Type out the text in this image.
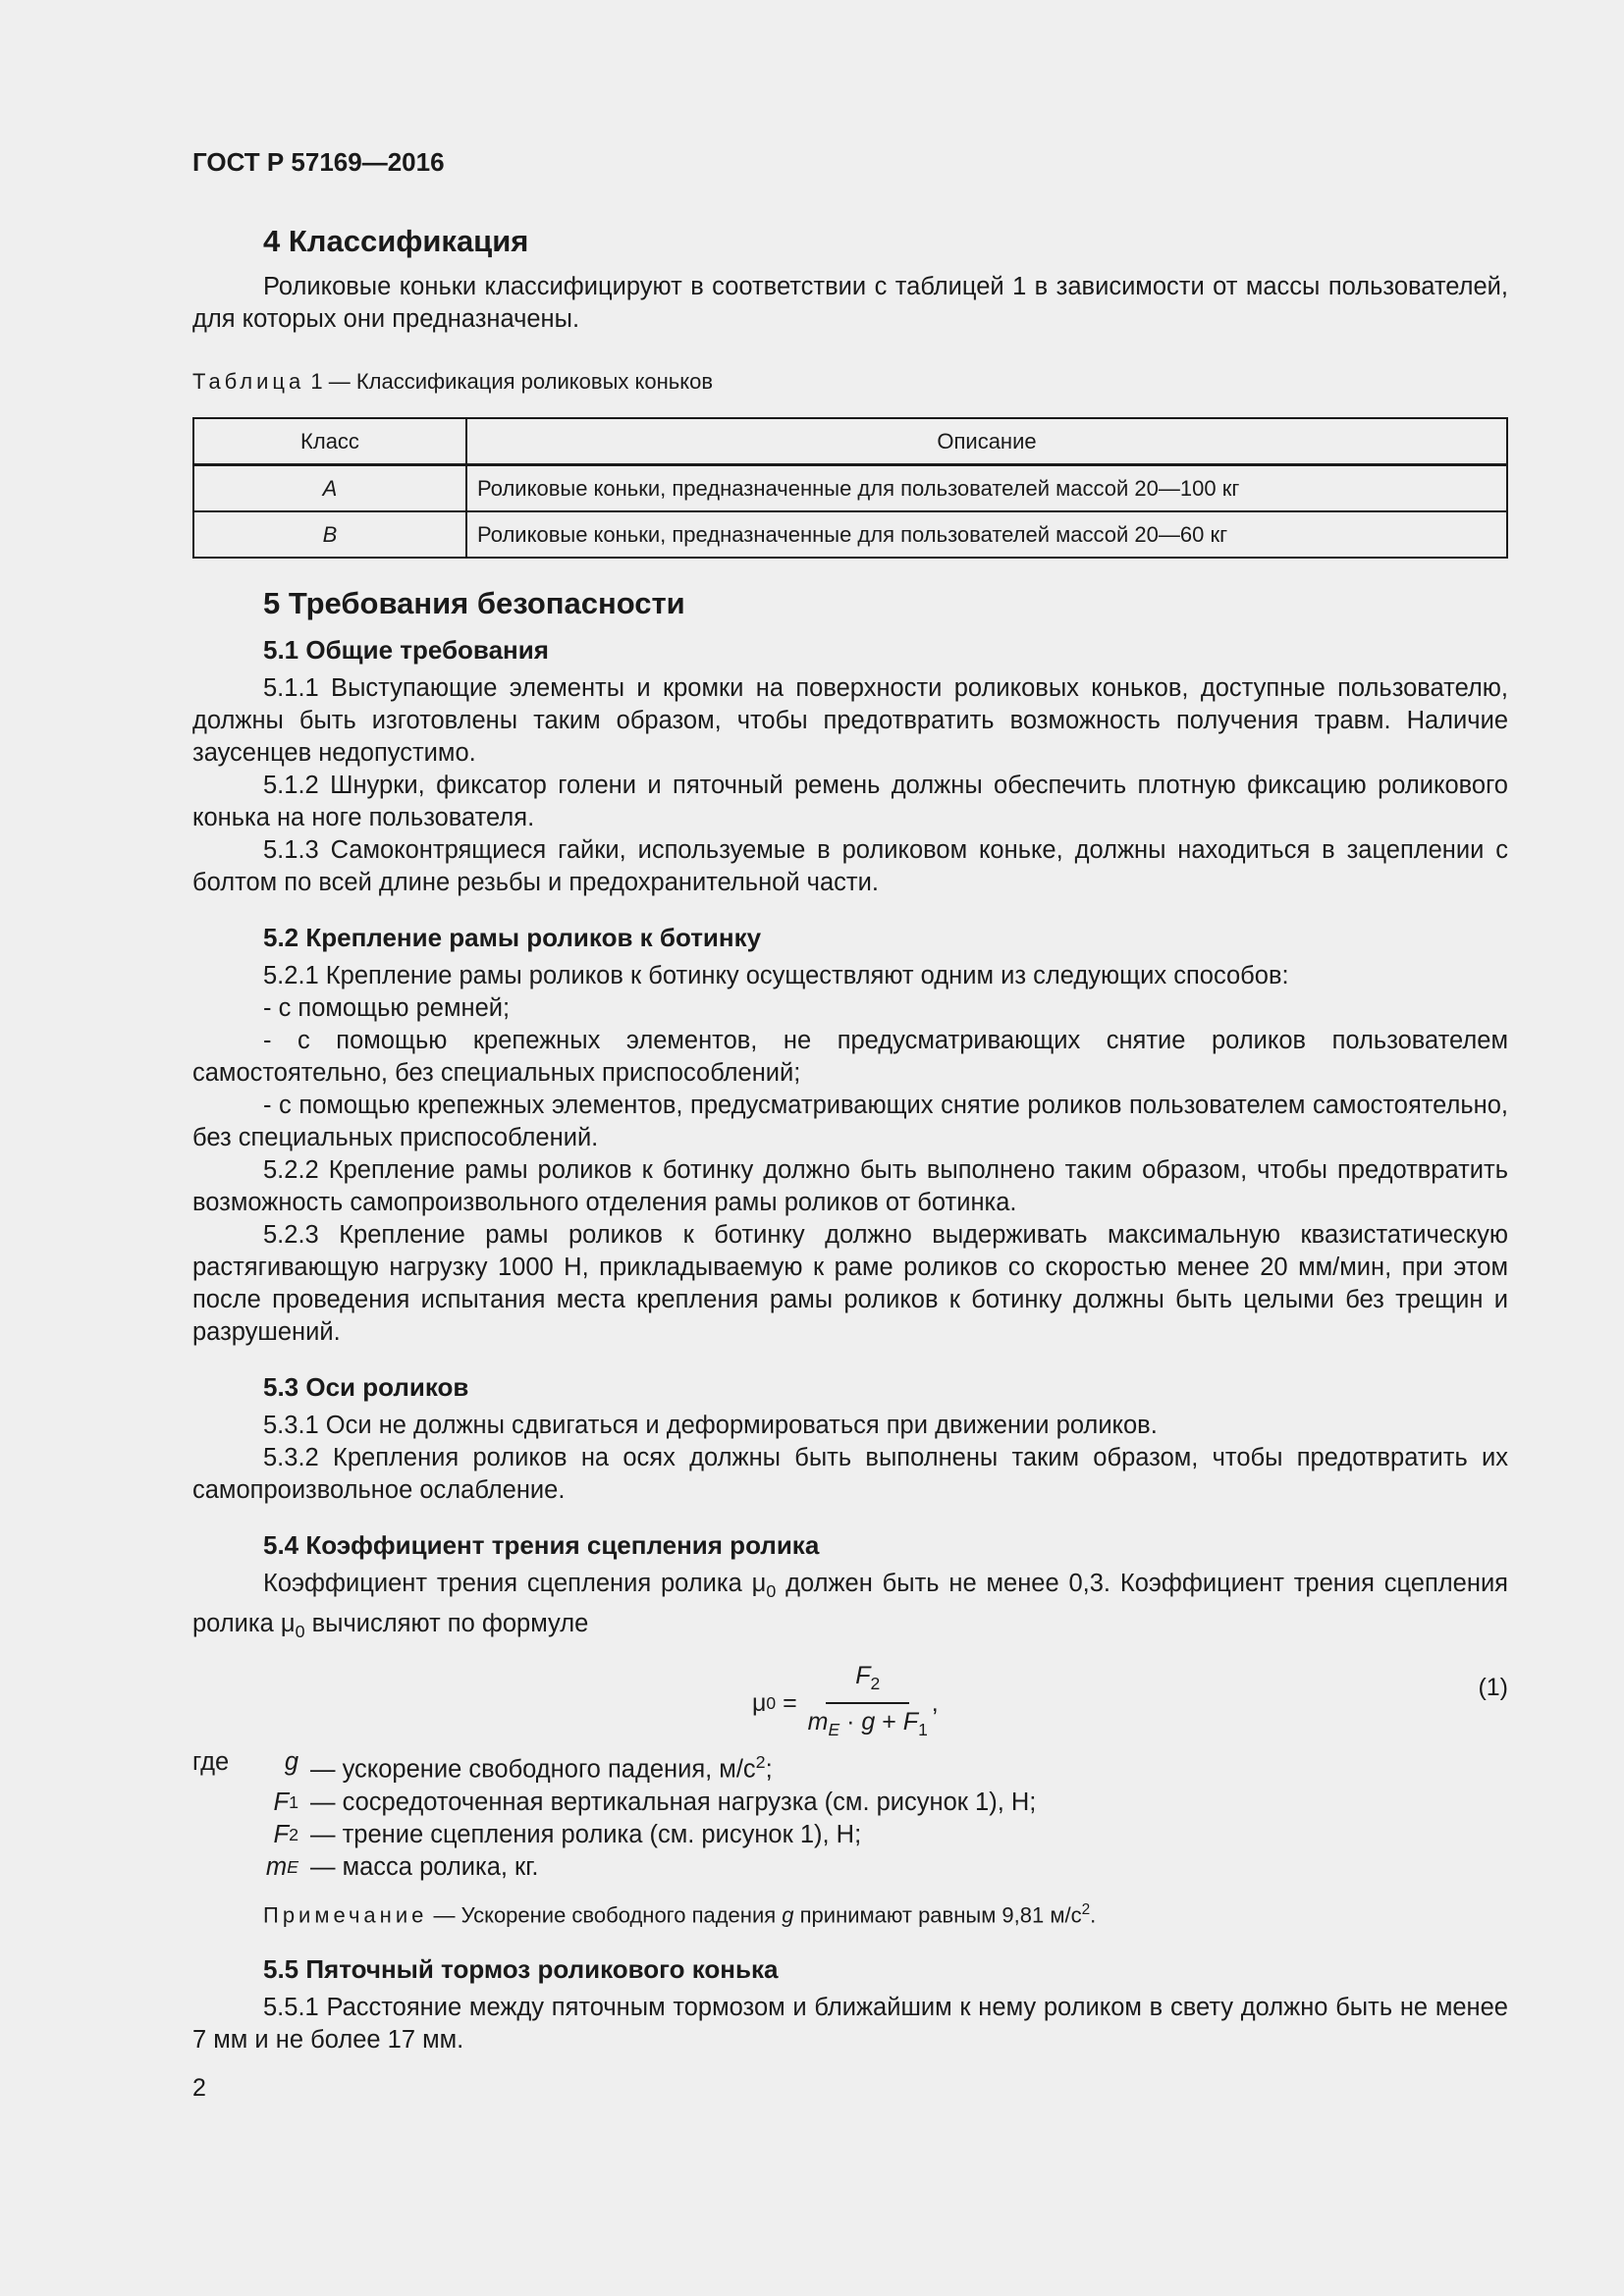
ГОСТ Р 57169—2016
4 Классификация

Роликовые коньки классифицируют в соответствии с таблицей 1 в зависимости от массы пользователей, для которых они предназначены.

Таблица 1 — Классификация роликовых коньков
Класс	Описание
A	Роликовые коньки, предназначенные для пользователей массой 20—100 кг
B	Роликовые коньки, предназначенные для пользователей массой 20—60 кг
5 Требования безопасности
5.1 Общие требования

5.1.1 Выступающие элементы и кромки на поверхности роликовых коньков, доступные пользователю, должны быть изготовлены таким образом, чтобы предотвратить возможность получения травм. Наличие заусенцев недопустимо.

5.1.2 Шнурки, фиксатор голени и пяточный ремень должны обеспечить плотную фиксацию роликового конька на ноге пользователя.

5.1.3 Самоконтрящиеся гайки, используемые в роликовом коньке, должны находиться в зацеплении с болтом по всей длине резьбы и предохранительной части.

5.2 Крепление рамы роликов к ботинку

5.2.1 Крепление рамы роликов к ботинку осуществляют одним из следующих способов:

- с помощью ремней;

- с помощью крепежных элементов, не предусматривающих снятие роликов пользователем самостоятельно, без специальных приспособлений;

- с помощью крепежных элементов, предусматривающих снятие роликов пользователем самостоятельно, без специальных приспособлений.

5.2.2 Крепление рамы роликов к ботинку должно быть выполнено таким образом, чтобы предотвратить возможность самопроизвольного отделения рамы роликов от ботинка.

5.2.3 Крепление рамы роликов к ботинку должно выдерживать максимальную квазистатическую растягивающую нагрузку 1000 Н, прикладываемую к раме роликов со скоростью менее 20 мм/мин, при этом после проведения испытания места крепления рамы роликов к ботинку должны быть целыми без трещин и разрушений.

5.3 Оси роликов

5.3.1 Оси не должны сдвигаться и деформироваться при движении роликов.

5.3.2 Крепления роликов на осях должны быть выполнены таким образом, чтобы предотвратить их самопроизвольное ослабление.

5.4 Коэффициент трения сцепления ролика

Коэффициент трения сцепления ролика $\mu_0$ должен быть не менее 0,3. Коэффициент трения сцепления ролика $\mu_0$ вычисляют по формуле

μ $0 = \frac{F_2}{m_E \cdot g + F_1}$ ,
(1)
где g — ускорение свободного падения, $м/с^2$;
F 1 — сосредоточенная вертикальная нагрузка (см. рисунок 1), Н;
F 2 — трение сцепления ролика (см. рисунок 1), Н;
m E — масса ролика, кг.
Примечание — Ускорение свободного падения g принимают равным 9,81 $м/с^2$.
5.5 Пяточный тормоз роликового конька

5.5.1 Расстояние между пяточным тормозом и ближайшим к нему роликом в свету должно быть не менее 7 мм и не более 17 мм.

2
